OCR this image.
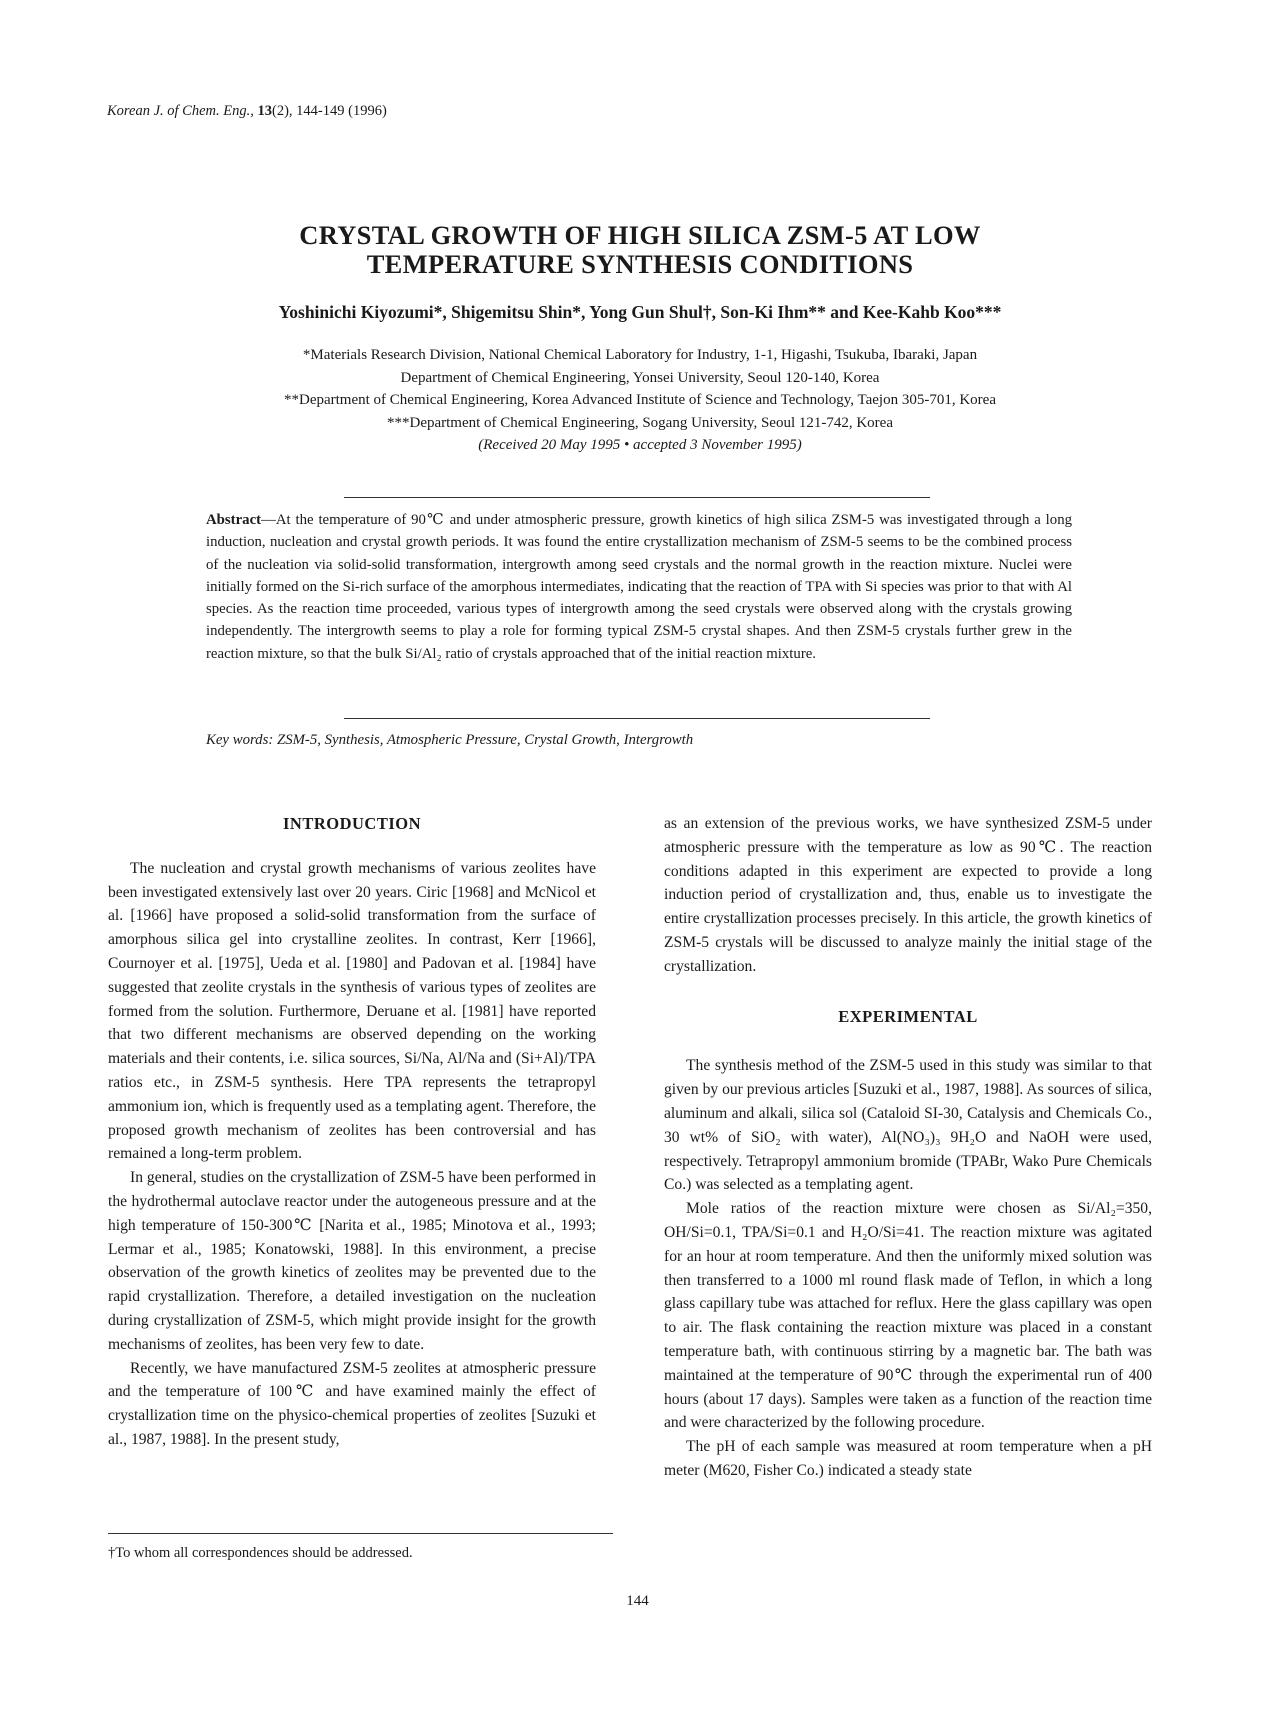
Korean J. of Chem. Eng., 13(2), 144-149 (1996)
CRYSTAL GROWTH OF HIGH SILICA ZSM-5 AT LOW
TEMPERATURE SYNTHESIS CONDITIONS
Yoshinichi Kiyozumi*, Shigemitsu Shin*, Yong Gun Shul†, Son-Ki Ihm** and Kee-Kahb Koo***
*Materials Research Division, National Chemical Laboratory for Industry, 1-1, Higashi, Tsukuba, Ibaraki, Japan
Department of Chemical Engineering, Yonsei University, Seoul 120-140, Korea
**Department of Chemical Engineering, Korea Advanced Institute of Science and Technology, Taejon 305-701, Korea
***Department of Chemical Engineering, Sogang University, Seoul 121-742, Korea
(Received 20 May 1995 • accepted 3 November 1995)
Abstract—At the temperature of 90℃ and under atmospheric pressure, growth kinetics of high silica ZSM-5 was investigated through a long induction, nucleation and crystal growth periods. It was found the entire crystallization mechanism of ZSM-5 seems to be the combined process of the nucleation via solid-solid transformation, intergrowth among seed crystals and the normal growth in the reaction mixture. Nuclei were initially formed on the Si-rich surface of the amorphous intermediates, indicating that the reaction of TPA with Si species was prior to that with Al species. As the reaction time proceeded, various types of intergrowth among the seed crystals were observed along with the crystals growing independently. The intergrowth seems to play a role for forming typical ZSM-5 crystal shapes. And then ZSM-5 crystals further grew in the reaction mixture, so that the bulk Si/Al₂ ratio of crystals approached that of the initial reaction mixture.
Key words: ZSM-5, Synthesis, Atmospheric Pressure, Crystal Growth, Intergrowth
INTRODUCTION

The nucleation and crystal growth mechanisms of various zeolites have been investigated extensively last over 20 years. Ciric [1968] and McNicol et al. [1966] have proposed a solid-solid transformation from the surface of amorphous silica gel into crystalline zeolites. In contrast, Kerr [1966], Cournoyer et al. [1975], Ueda et al. [1980] and Padovan et al. [1984] have suggested that zeolite crystals in the synthesis of various types of zeolites are formed from the solution. Furthermore, Deruane et al. [1981] have reported that two different mechanisms are observed depending on the working materials and their contents, i.e. silica sources, Si/Na, Al/Na and (Si+Al)/TPA ratios etc., in ZSM-5 synthesis. Here TPA represents the tetrapropyl ammonium ion, which is frequently used as a templating agent. Therefore, the proposed growth mechanism of zeolites has been controversial and has remained a long-term problem.

In general, studies on the crystallization of ZSM-5 have been performed in the hydrothermal autoclave reactor under the autogeneous pressure and at the high temperature of 150-300℃ [Narita et al., 1985; Minotova et al., 1993; Lermar et al., 1985; Konatowski, 1988]. In this environment, a precise observation of the growth kinetics of zeolites may be prevented due to the rapid crystallization. Therefore, a detailed investigation on the nucleation during crystallization of ZSM-5, which might provide insight for the growth mechanisms of zeolites, has been very few to date.

Recently, we have manufactured ZSM-5 zeolites at atmospheric pressure and the temperature of 100℃ and have examined mainly the effect of crystallization time on the physico-chemical properties of zeolites [Suzuki et al., 1987, 1988]. In the present study,

as an extension of the previous works, we have synthesized ZSM-5 under atmospheric pressure with the temperature as low as 90℃. The reaction conditions adapted in this experiment are expected to provide a long induction period of crystallization and, thus, enable us to investigate the entire crystallization processes precisely. In this article, the growth kinetics of ZSM-5 crystals will be discussed to analyze mainly the initial stage of the crystallization.

EXPERIMENTAL

The synthesis method of the ZSM-5 used in this study was similar to that given by our previous articles [Suzuki et al., 1987, 1988]. As sources of silica, aluminum and alkali, silica sol (Cataloid SI-30, Catalysis and Chemicals Co., 30 wt% of SiO₂ with water), Al(NO₃)₃ 9H₂O and NaOH were used, respectively. Tetrapropyl ammonium bromide (TPABr, Wako Pure Chemicals Co.) was selected as a templating agent.

Mole ratios of the reaction mixture were chosen as Si/Al₂=350, OH/Si=0.1, TPA/Si=0.1 and H₂O/Si=41. The reaction mixture was agitated for an hour at room temperature. And then the uniformly mixed solution was then transferred to a 1000 ml round flask made of Teflon, in which a long glass capillary tube was attached for reflux. Here the glass capillary was open to air. The flask containing the reaction mixture was placed in a constant temperature bath, with continuous stirring by a magnetic bar. The bath was maintained at the temperature of 90℃ through the experimental run of 400 hours (about 17 days). Samples were taken as a function of the reaction time and were characterized by the following procedure.

The pH of each sample was measured at room temperature when a pH meter (M620, Fisher Co.) indicated a steady state

†To whom all correspondences should be addressed.
144
